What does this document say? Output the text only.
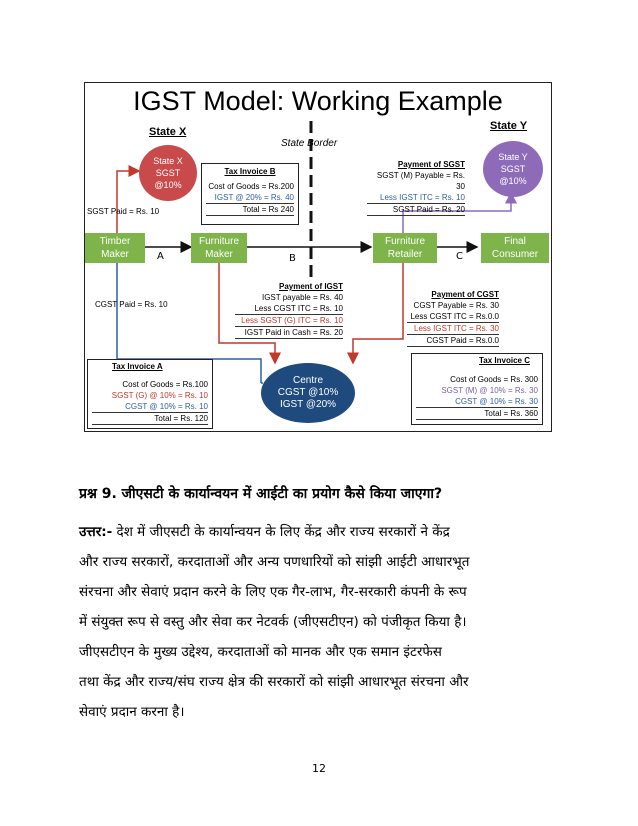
IGST Model: Working Example
State X	State Y
State Border
State X
SGST
@10%
State Y
SGST
@10%
SGST Paid = Rs. 10
CGST Paid = Rs. 10
Tax Invoice B
Cost of Goods = Rs.200
IGST @ 20% = Rs. 40
Total = Rs 240
Payment of SGST
SGST (M) Payable = Rs. 30
Less IGST ITC = Rs. 10
SGST Paid = Rs. 20
Timber
Maker
Furniture
Maker
Furniture
Retailer
Final
Consumer
A	B	C
Payment of IGST
IGST payable = Rs. 40
Less CGST ITC = Rs. 10
Less SGST (G) ITC = Rs. 10
IGST Paid in Cash = Rs. 20
Payment of CGST
CGST Payable = Rs. 30
Less CGST ITC = Rs.0.0
Less IGST ITC = Rs. 30
CGST Paid = Rs.0.0
Centre
CGST @10%
IGST @20%
Tax Invoice A
Cost of Goods = Rs.100
SGST (G) @ 10% = Rs. 10
CGST @ 10% = Rs. 10
Total = Rs. 120
Tax Invoice C
Cost of Goods = Rs. 300
SGST (M) @ 10% = Rs. 30
CGST @ 10% = Rs. 30
Total = Rs. 360
प्रश्न 9. जीएसटी के कार्यान्वयन में आईटी का प्रयोग कैसे किया जाएगा?
उत्तर:- देश में जीएसटी के कार्यान्वयन के लिए केंद्र और राज्य सरकारों ने केंद्र
और राज्य सरकारों, करदाताओं और अन्य पणधारियों को सांझी आईटी आधारभूत
संरचना और सेवाएं प्रदान करने के लिए एक गैर-लाभ, गैर-सरकारी कंपनी के रूप
में संयुक्त रूप से वस्तु और सेवा कर नेटवर्क (जीएसटीएन) को पंजीकृत किया है।
जीएसटीएन के मुख्य उद्देश्य, करदाताओं को मानक और एक समान इंटरफेस
तथा केंद्र और राज्य/संघ राज्य क्षेत्र की सरकारों को सांझी आधारभूत संरचना और
सेवाएं प्रदान करना है।
12
